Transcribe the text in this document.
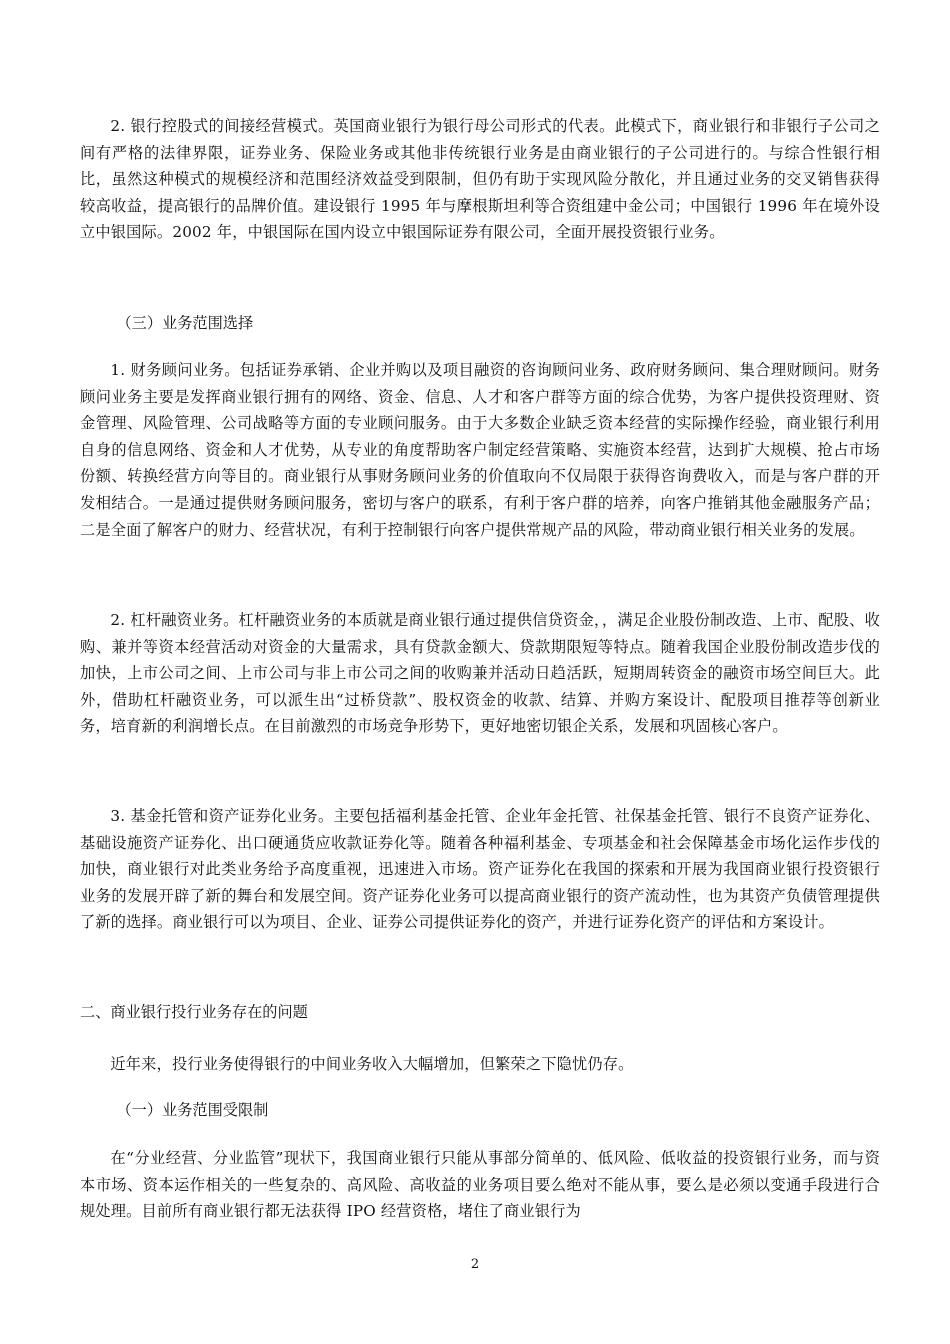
2. 银行控股式的间接经营模式。英国商业银行为银行母公司形式的代表。此模式下，商业银行和非银行子公司之间有严格的法律界限，证券业务、保险业务或其他非传统银行业务是由商业银行的子公司进行的。与综合性银行相比，虽然这种模式的规模经济和范围经济效益受到限制，但仍有助于实现风险分散化，并且通过业务的交叉销售获得较高收益，提高银行的品牌价值。建设银行 1995 年与摩根斯坦利等合资组建中金公司；中国银行 1996 年在境外设立中银国际。2002 年，中银国际在国内设立中银国际证券有限公司，全面开展投资银行业务。

（三）业务范围选择

1. 财务顾问业务。包括证券承销、企业并购以及项目融资的咨询顾问业务、政府财务顾问、集合理财顾问。财务顾问业务主要是发挥商业银行拥有的网络、资金、信息、人才和客户群等方面的综合优势，为客户提供投资理财、资金管理、风险管理、公司战略等方面的专业顾问服务。由于大多数企业缺乏资本经营的实际操作经验，商业银行利用自身的信息网络、资金和人才优势，从专业的角度帮助客户制定经营策略、实施资本经营，达到扩大规模、抢占市场份额、转换经营方向等目的。商业银行从事财务顾问业务的价值取向不仅局限于获得咨询费收入，而是与客户群的开发相结合。一是通过提供财务顾问服务，密切与客户的联系，有利于客户群的培养，向客户推销其他金融服务产品；二是全面了解客户的财力、经营状况，有利于控制银行向客户提供常规产品的风险，带动商业银行相关业务的发展。

2. 杠杆融资业务。杠杆融资业务的本质就是商业银行通过提供信贷资金，，满足企业股份制改造、上市、配股、收购、兼并等资本经营活动对资金的大量需求，具有贷款金额大、贷款期限短等特点。随着我国企业股份制改造步伐的加快，上市公司之间、上市公司与非上市公司之间的收购兼并活动日趋活跃，短期周转资金的融资市场空间巨大。此外，借助杠杆融资业务，可以派生出“过桥贷款”、股权资金的收款、结算、并购方案设计、配股项目推荐等创新业务，培育新的利润增长点。在目前激烈的市场竞争形势下，更好地密切银企关系，发展和巩固核心客户。

3. 基金托管和资产证券化业务。主要包括福利基金托管、企业年金托管、社保基金托管、银行不良资产证券化、基础设施资产证券化、出口硬通货应收款证券化等。随着各种福利基金、专项基金和社会保障基金市场化运作步伐的加快，商业银行对此类业务给予高度重视，迅速进入市场。资产证券化在我国的探索和开展为我国商业银行投资银行业务的发展开辟了新的舞台和发展空间。资产证券化业务可以提高商业银行的资产流动性，也为其资产负债管理提供了新的选择。商业银行可以为项目、企业、证券公司提供证券化的资产，并进行证券化资产的评估和方案设计。

二、商业银行投行业务存在的问题

近年来，投行业务使得银行的中间业务收入大幅增加，但繁荣之下隐忧仍存。

（一）业务范围受限制

在“分业经营、分业监管”现状下，我国商业银行只能从事部分简单的、低风险、低收益的投资银行业务，而与资本市场、资本运作相关的一些复杂的、高风险、高收益的业务项目要么绝对不能从事，要么是必须以变通手段进行合规处理。目前所有商业银行都无法获得 IPO 经营资格，堵住了商业银行为

2
